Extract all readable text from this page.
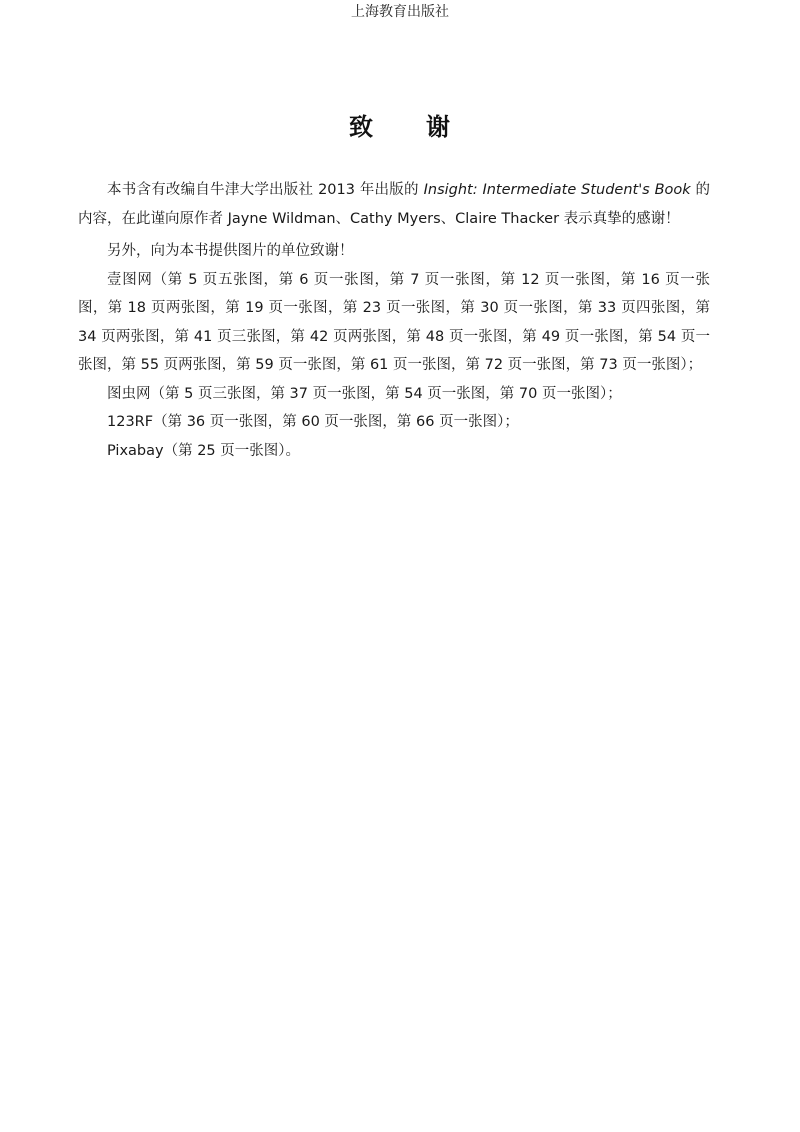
上海教育出版社
致 谢

本书含有改编自牛津大学出版社 2013 年出版的 Insight: Intermediate Student's Book 的内容，在此谨向原作者 Jayne Wildman、Cathy Myers、Claire Thacker 表示真挚的感谢！

另外，向为本书提供图片的单位致谢！

壹图网（第 5 页五张图，第 6 页一张图，第 7 页一张图，第 12 页一张图，第 16 页一张图，第 18 页两张图，第 19 页一张图，第 23 页一张图，第 30 页一张图，第 33 页四张图，第 34 页两张图，第 41 页三张图，第 42 页两张图，第 48 页一张图，第 49 页一张图，第 54 页一张图，第 55 页两张图，第 59 页一张图，第 61 页一张图，第 72 页一张图，第 73 页一张图）；

图虫网（第 5 页三张图，第 37 页一张图，第 54 页一张图，第 70 页一张图）；

123RF（第 36 页一张图，第 60 页一张图，第 66 页一张图）；

Pixabay（第 25 页一张图）。
